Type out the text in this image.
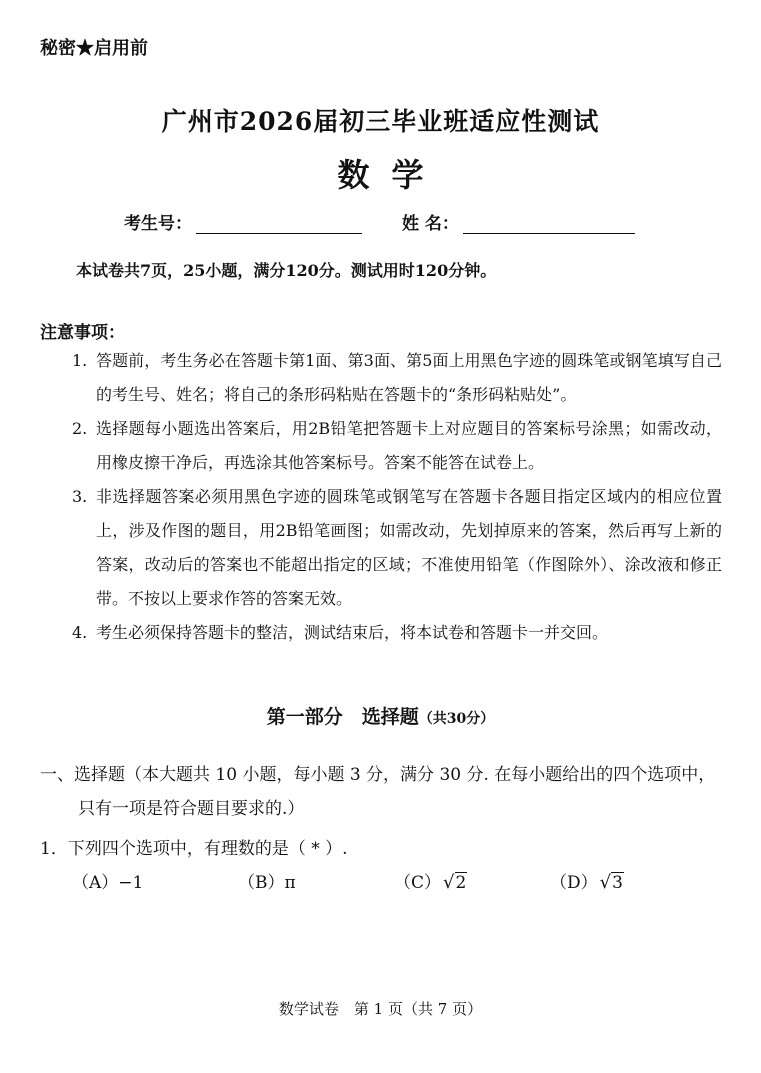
秘密★启用前
广州市2026届初三毕业班适应性测试
数学
考生号：	姓 名：
本试卷共7页，25小题，满分120分。测试用时120分钟。
注意事项：
1. 答题前，考生务必在答题卡第1面、第3面、第5面上用黑色字迹的圆珠笔或钢笔填写自己的考生号、姓名；将自己的条形码粘贴在答题卡的“条形码粘贴处”。
2. 选择题每小题选出答案后，用2B铅笔把答题卡上对应题目的答案标号涂黑；如需改动，用橡皮擦干净后，再选涂其他答案标号。答案不能答在试卷上。
3. 非选择题答案必须用黑色字迹的圆珠笔或钢笔写在答题卡各题目指定区域内的相应位置上，涉及作图的题目，用2B铅笔画图；如需改动，先划掉原来的答案，然后再写上新的答案，改动后的答案也不能超出指定的区域；不准使用铅笔（作图除外）、涂改液和修正带。不按以上要求作答的答案无效。
4. 考生必须保持答题卡的整洁，测试结束后，将本试卷和答题卡一并交回。
第一部分　选择题（共30分）
一、选择题（本大题共 10 小题，每小题 3 分，满分 30 分. 在每小题给出的四个选项中，
只有一项是符合题目要求的.）
1．下列四个选项中，有理数的是（ * ）.
（A）−1	（B）π	（C） √2	（D） √3
数学试卷　第 1 页（共 7 页）
